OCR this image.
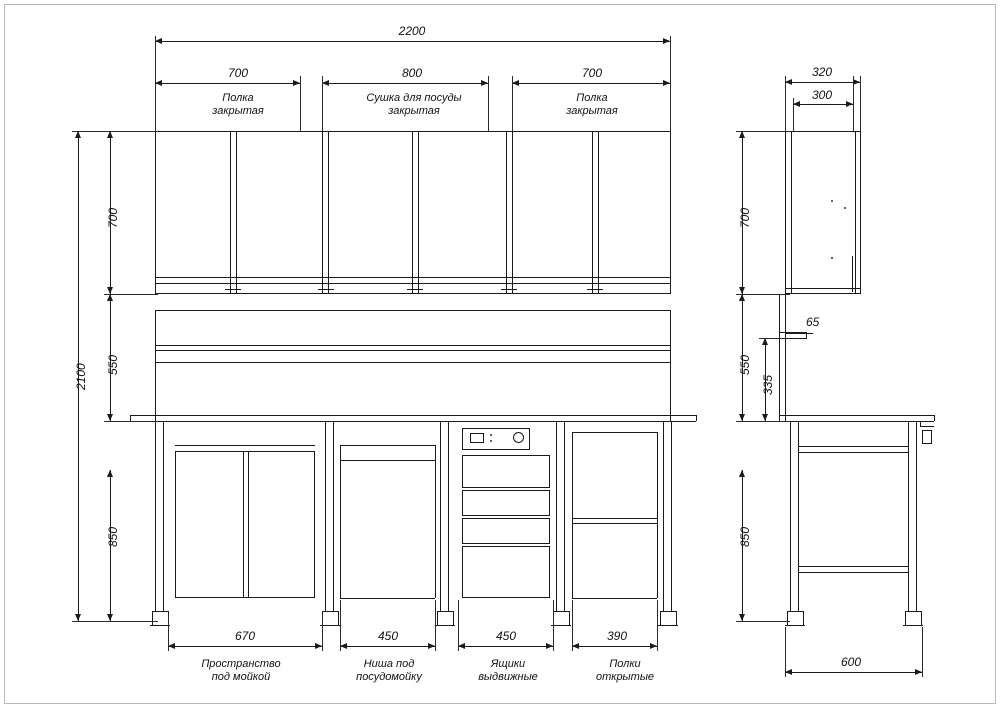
2200
700	800	700
Полка
закрытая
Сушка для посуды
закрытая
Полка
закрытая
2100
700
550
850
670	450	450	390
Пространство
под мойкой
Ниша под
посудомойку
Ящики
выдвижные
Полки
открытые
320
300
65
700
550
335
850
600
